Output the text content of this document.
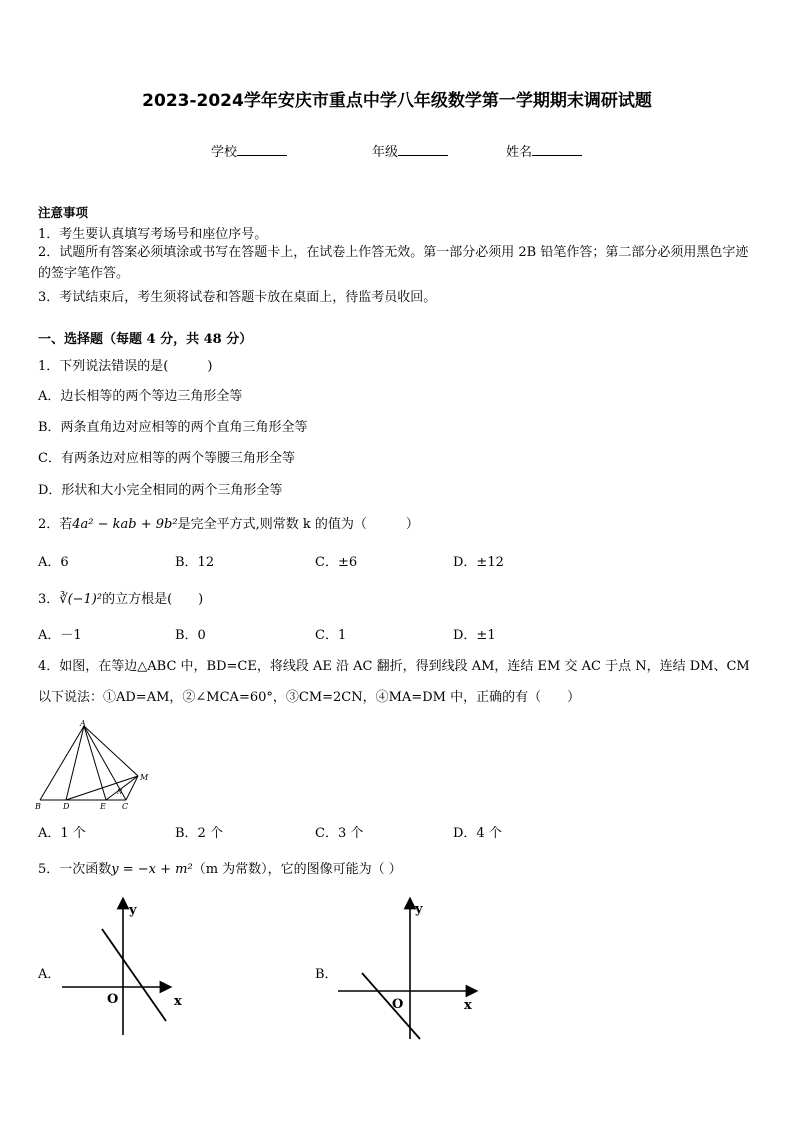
2023-2024学年安庆市重点中学八年级数学第一学期期末调研试题
学校	年级	姓名
注意事项
1．考生要认真填写考场号和座位序号。
2．试题所有答案必须填涂或书写在答题卡上，在试卷上作答无效。第一部分必须用 2B 铅笔作答；第二部分必须用黑色字迹的签字笔作答。
3．考试结束后，考生须将试卷和答题卡放在桌面上，待监考员收回。
一、选择题（每题 4 分，共 48 分）
1．下列说法错误的是(　　　)
A．边长相等的两个等边三角形全等
B．两条直角边对应相等的两个直角三角形全等
C．有两条边对应相等的两个等腰三角形全等
D．形状和大小完全相同的两个三角形全等
2．若4a² − kab + 9b²是完全平方式,则常数 k 的值为（　　　）
A．6	B．12	C．±6	D．±12
3．∛(−1)²的立方根是(　　)
A．－1	B．0	C．1	D．±1
4．如图，在等边△ABC 中，BD=CE，将线段 AE 沿 AC 翻折，得到线段 AM，连结 EM 交 AC 于点 N，连结 DM、CM
以下说法：①AD=AM，②∠MCA=60°，③CM=2CN，④MA=DM 中，正确的有（　　）
A
B	D	E C
M
N
A．1 个	B．2 个	C．3 个	D．4 个
5．一次函数y = −x + m²（m 为常数），它的图像可能为（ ）
A．
y
x
O
B．
y
x
O
